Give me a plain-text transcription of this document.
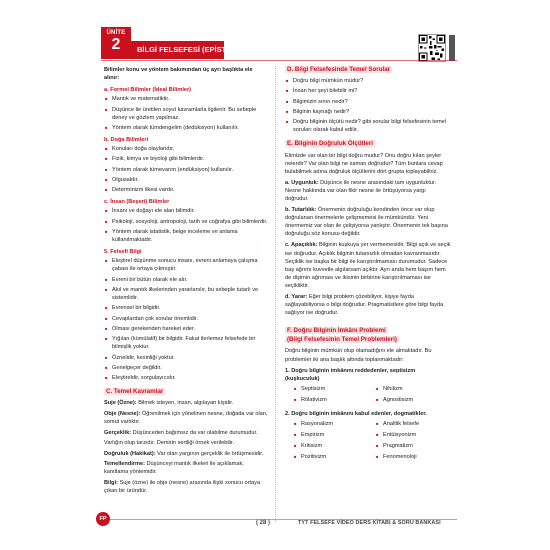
ÜNİTE
2	BİLGİ FELSEFESİ (EPİSTEMOLOJİ)
Bilimler konu ve yöntem bakımından üç ayrı başlıkta ele alınır:
a. Formel Bilimler (İdeal Bilimler)
■ Mantık ve matematiktir.
■ Düşünce ile üretilen soyut kavramlarla ilgilenir. Bu sebeple deney ve gözlem yapılmaz.
■ Yöntem olarak tümdengelim (dedüksiyon) kullanılır.
b. Doğa Bilimleri
■ Konuları doğa olaylarıdır.
■ Fizik, kimya ve biyoloji gibi bilimlerdir.
■ Yöntem olarak tümevarım (endüksiyon) kullanılır.
■ Olgusaldır.
■ Determinizm ilkesi vardır.
c. İnsan (Beşeri) Bilimler
■ İnsanı ve doğayı ele alan bilimdir.
■ Psikoloji, sosyoloji, antropoloji, tarih ve coğrafya gibi bilimlerdir.
■ Yöntem olarak istatistik, belge inceleme ve anlama kullanılmaktadır.
5. Felsefi Bilgi
■ Eleştirel düşünme sonucu insanı, evreni anlamaya çalışma çabası ile ortaya çıkmıştır.
■ Evreni bir bütün olarak ele alır.
■ Akıl ve mantık ilkelerinden yararlanılır, bu sebeple tutarlı ve sistemlidir.
■ Evrensel bir bilgidir.
■ Cevaplardan çok sorular önemlidir.
■ Olması gerekenden hareket eder.
■ Yığılan (kümülatif) bir bilgidir. Fakat ilerlemez felsefede bir bilmişlik yoktur.
■ Öznelidir, kesinliği yoktur.
■ Genelgeçer değildir.
■ Eleştireldir, sorgulayıcıdır.
C. Temel Kavramlar
Suje (Özne): Bilmek isteyen, insan, algılayan kişidir.
Obje (Nesne): Öğrenilmek için yönelinen nesne, doğada var olan, somut varlıktır.
Gerçeklik: Düşünceden bağımsız da var olabilme durumudur.
Varlığın olup tarzıdır. Demirin sertliği örnek verilebilir.
Doğruluk (Hakikat): Var olan yargının gerçeklik ile örtüşmesidir.
Temellendirme: Düşünceyi mantık ilkeleri ile açıklamak, kanıtlama yöntemidir.
Bilgi: Suje (özne) ile obje (nesne) arasında ilişki sonucu ortaya çıkan bir üründür.
· · · · · · · · · · · ·
D. Bilgi Felsefesinde Temel Sorular
■ Doğru bilgi mümkün müdür?
■ İnsan her şeyi bilebilir mi?
■ Bilgimizin sınırı nedir?
■ Bilginin kaynağı nedir?
■ Doğru bilginin ölçütü nedir? gibi sorular bilgi felsefesinin temel soruları olarak kabul edilir.
E. Bilginin Doğruluk Ölçütleri
Elimizde var olan bir bilgi doğru mudur? Onu doğru kılan şeyler nelerdir? Var olan bilgi ne zaman doğrudur? Tüm bunlara cevap bulabilmek adına doğruluk ölçütlerini dört grupta toplayabiliriz.
a. Uygunluk: Düşünce ile nesne arasındaki tam uygunluktur. Nesne hakkında var olan fikir nesne ile örtüşüyorsa yargı doğrudur.
b. Tutarlılık: Önermenin doğruluğu kendinden önce var olup doğrulanan önermelerle çelişmemesi ile mümkündür. Yeni önermemiz var olan ile çelişiyorsa yanlıştır. Önermenin tek başına doğruluğu söz konusu değildir.
c. Apaçıklık: Bilginin kuşkuya yer vermemesidir. Bilgi açık ve seçik ise doğrudur. Açıklık bilginin tutarsızlık olmadan kavranmasıdır. Seçiklik ise başka bir bilgi ile karıştırılmaması durumudur. Sadece baş ağrımı kuvvetle algılarsam açıktır. Ayrı anda hem başım hem de dişimin ağrıması ve ikisinin birbirine karıştırılmaması ise seçikliktir.
d. Yarar: Eğer bilgi problem çözebiliyor, kişiye fayda sağlayabiliyorsa o bilgi doğrudur. Pragmatistlere göre bilgi fayda sağlıyor ise doğrudur.
F. Doğru Bilginin İmkânı Problemi
(Bilgi Felsefesinin Temel Problemleri)
Doğru bilginin mümkün olup olamadığını ele almaktadır. Bu problemler iki ana başlık altında toplanmaktadır:
1. Doğru bilginin imkânını reddedenler, septisizm (kuşkuculuk)
■ Septisizm	■ Nihilizm
■ Rölativizm	■ Agnostisizm
2. Doğru bilginin imkânını kabul edenler, dogmatikler.
■ Rasyonalizm	■ Analitik felsefe
■ Empirizm	■ Entüisyonizm
■ Kritisizm	■ Pragmatizm
■ Pozitivizm	■ Fenomenoloji
FP
( 28 )	TYT FELSEFE VİDEO DERS KİTABI & SORU BANKASI
